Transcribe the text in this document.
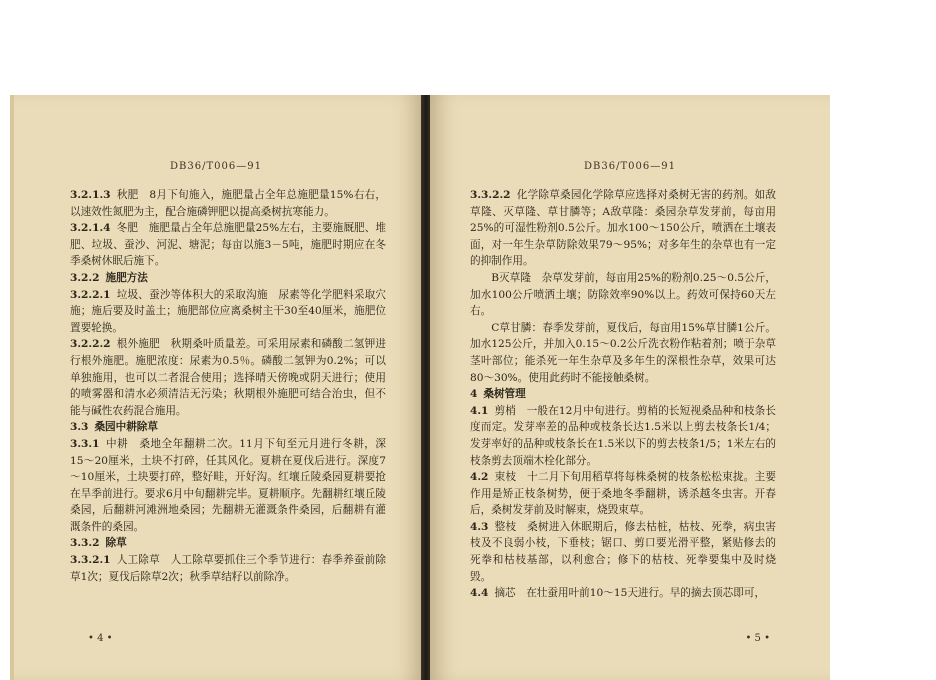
DB36/T006—91

3.2.1.3 秋肥　8月下旬施入，施肥量占全年总施肥量15%右右，以速效性氮肥为主，配合施磷钾肥以提高桑树抗寒能力。

3.2.1.4 冬肥　施肥量占全年总施肥量25%左右，主要施厩肥、堆肥、垃圾、蚕沙、河泥、塘泥；每亩以施3－5吨，施肥时期应在冬季桑树休眠后施下。

3.2.2 施肥方法

3.2.2.1 垃圾、蚕沙等体积大的采取沟施　尿素等化学肥料采取穴施；施后要及时盖土；施肥部位应离桑树主干30至40厘米，施肥位置要轮换。

3.2.2.2 根外施肥　秋期桑叶质量差。可采用尿素和磷酸二氢钾进行根外施肥。施肥浓度：尿素为0.5％。磷酸二氢钾为0.2%；可以单独施用，也可以二者混合使用；选择晴天傍晚或阴天进行；使用的喷雾器和清水必须清洁无污染；秋期根外施肥可结合治虫，但不能与碱性农药混合施用。

3.3 桑园中耕除草

3.3.1 中耕　桑地全年翻耕二次。11月下旬至元月进行冬耕，深15～20厘米，土块不打碎，任其风化。夏耕在夏伐后进行。深度7～10厘米，土块要打碎，整好畦，开好沟。红壤丘陵桑园夏耕要抢在旱季前进行。要求6月中旬翻耕完毕。夏耕顺序。先翻耕红壤丘陵桑园，后翻耕河滩洲地桑园；先翻耕无灌溉条件桑园，后翻耕有灌溉条件的桑园。

3.3.2 除草

3.3.2.1 人工除草　人工除草要抓住三个季节进行：春季养蚕前除草1次；夏伐后除草2次；秋季草结籽以前除净。

• 4 •
DB36/T006—91

3.3.2.2 化学除草桑园化学除草应选择对桑树无害的药剂。如敌草隆、灭草隆、草甘膦等；A敌草隆：桑园杂草发芽前，每亩用25%的可湿性粉剂0.5公斤。加水100～150公斤，喷洒在土壤表面，对一年生杂草防除效果79～95%；对多年生的杂草也有一定的抑制作用。

B灭草隆　杂草发芽前，每亩用25%的粉剂0.25～0.5公斤，加水100公斤喷洒土壤；防除效率90%以上。药效可保持60天左右。

C草甘膦：春季发芽前，夏伐后，每亩用15%草甘膦1公斤。加水125公斤，并加入0.15～0.2公斤洗衣粉作粘着剂；喷于杂草茎叶部位；能杀死一年生杂草及多年生的深根性杂草，效果可达80～30%。使用此药时不能接触桑树。

4 桑树管理

4.1 剪梢　一般在12月中旬进行。剪梢的长短视桑品种和枝条长度而定。发芽率差的品种或枝条长达1.5米以上剪去枝条长1/4；发芽率好的品种或枝条长在1.5米以下的剪去枝条1/5；1米左右的枝条剪去顶端木栓化部分。

4.2 束枝　十二月下旬用稻草将每株桑树的枝条松松束拢。主要作用是矫正枝条树势，便于桑地冬季翻耕，诱杀越冬虫害。开春后，桑树发芽前及时解束，烧毁束草。

4.3 整枝　桑树进入休眠期后，修去枯桩，枯枝、死拳，病虫害枝及不良弱小枝，下垂枝；锯口、剪口要光滑平整，紧贴修去的死拳和枯枝基部，以利愈合；修下的枯枝、死拳要集中及时烧毁。

4.4 摘芯　在壮蚕用叶前10～15天进行。早的摘去顶芯即可，

• 5 •
